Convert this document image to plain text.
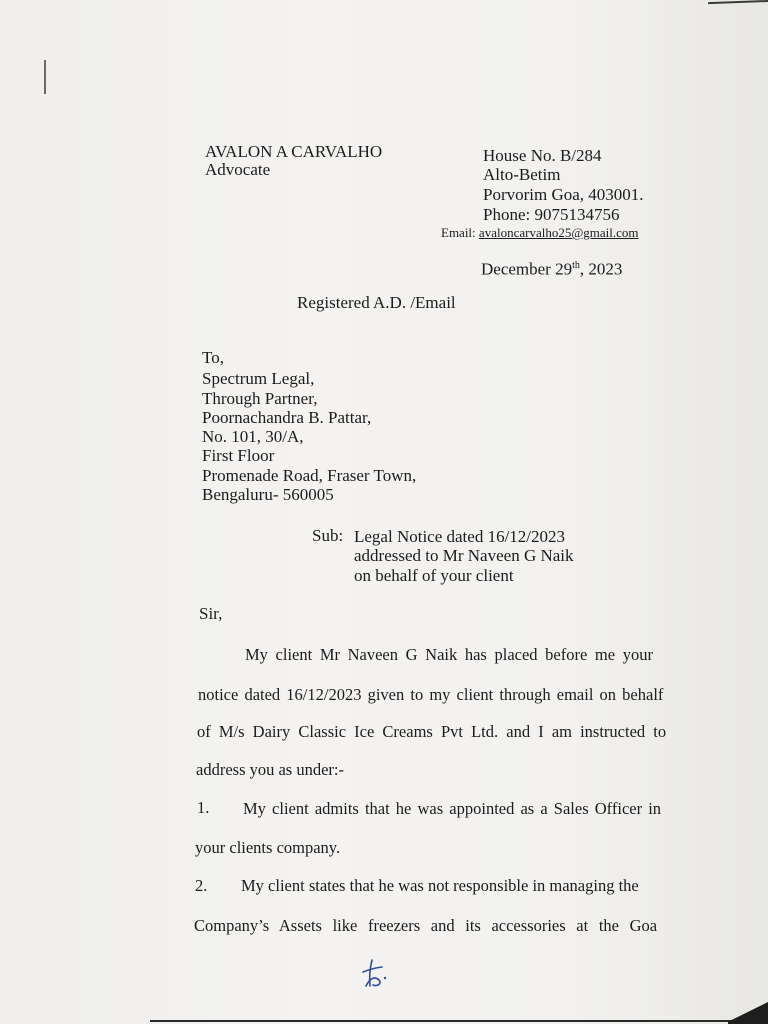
AVALON A CARVALHO
Advocate
House No. B/284
Alto-Betim
Porvorim Goa, 403001.
Phone: 9075134756
Email: avaloncarvalho25@gmail.com
December 29th, 2023
Registered A.D. /Email
To,
Spectrum Legal,
Through Partner,
Poornachandra B. Pattar,
No. 101, 30/A,
First Floor
Promenade Road, Fraser Town,
Bengaluru- 560005
Sub: Legal Notice dated 16/12/2023
addressed to Mr Naveen G Naik
on behalf of your client
Sir,
My client Mr Naveen G Naik has placed before me your
notice dated 16/12/2023 given to my client through email on behalf
of M/s Dairy Classic Ice Creams Pvt Ltd. and I am instructed to
address you as under:-
1. My client admits that he was appointed as a Sales Officer in
your clients company.
2. My client states that he was not responsible in managing the
Company’s Assets like freezers and its accessories at the Goa
